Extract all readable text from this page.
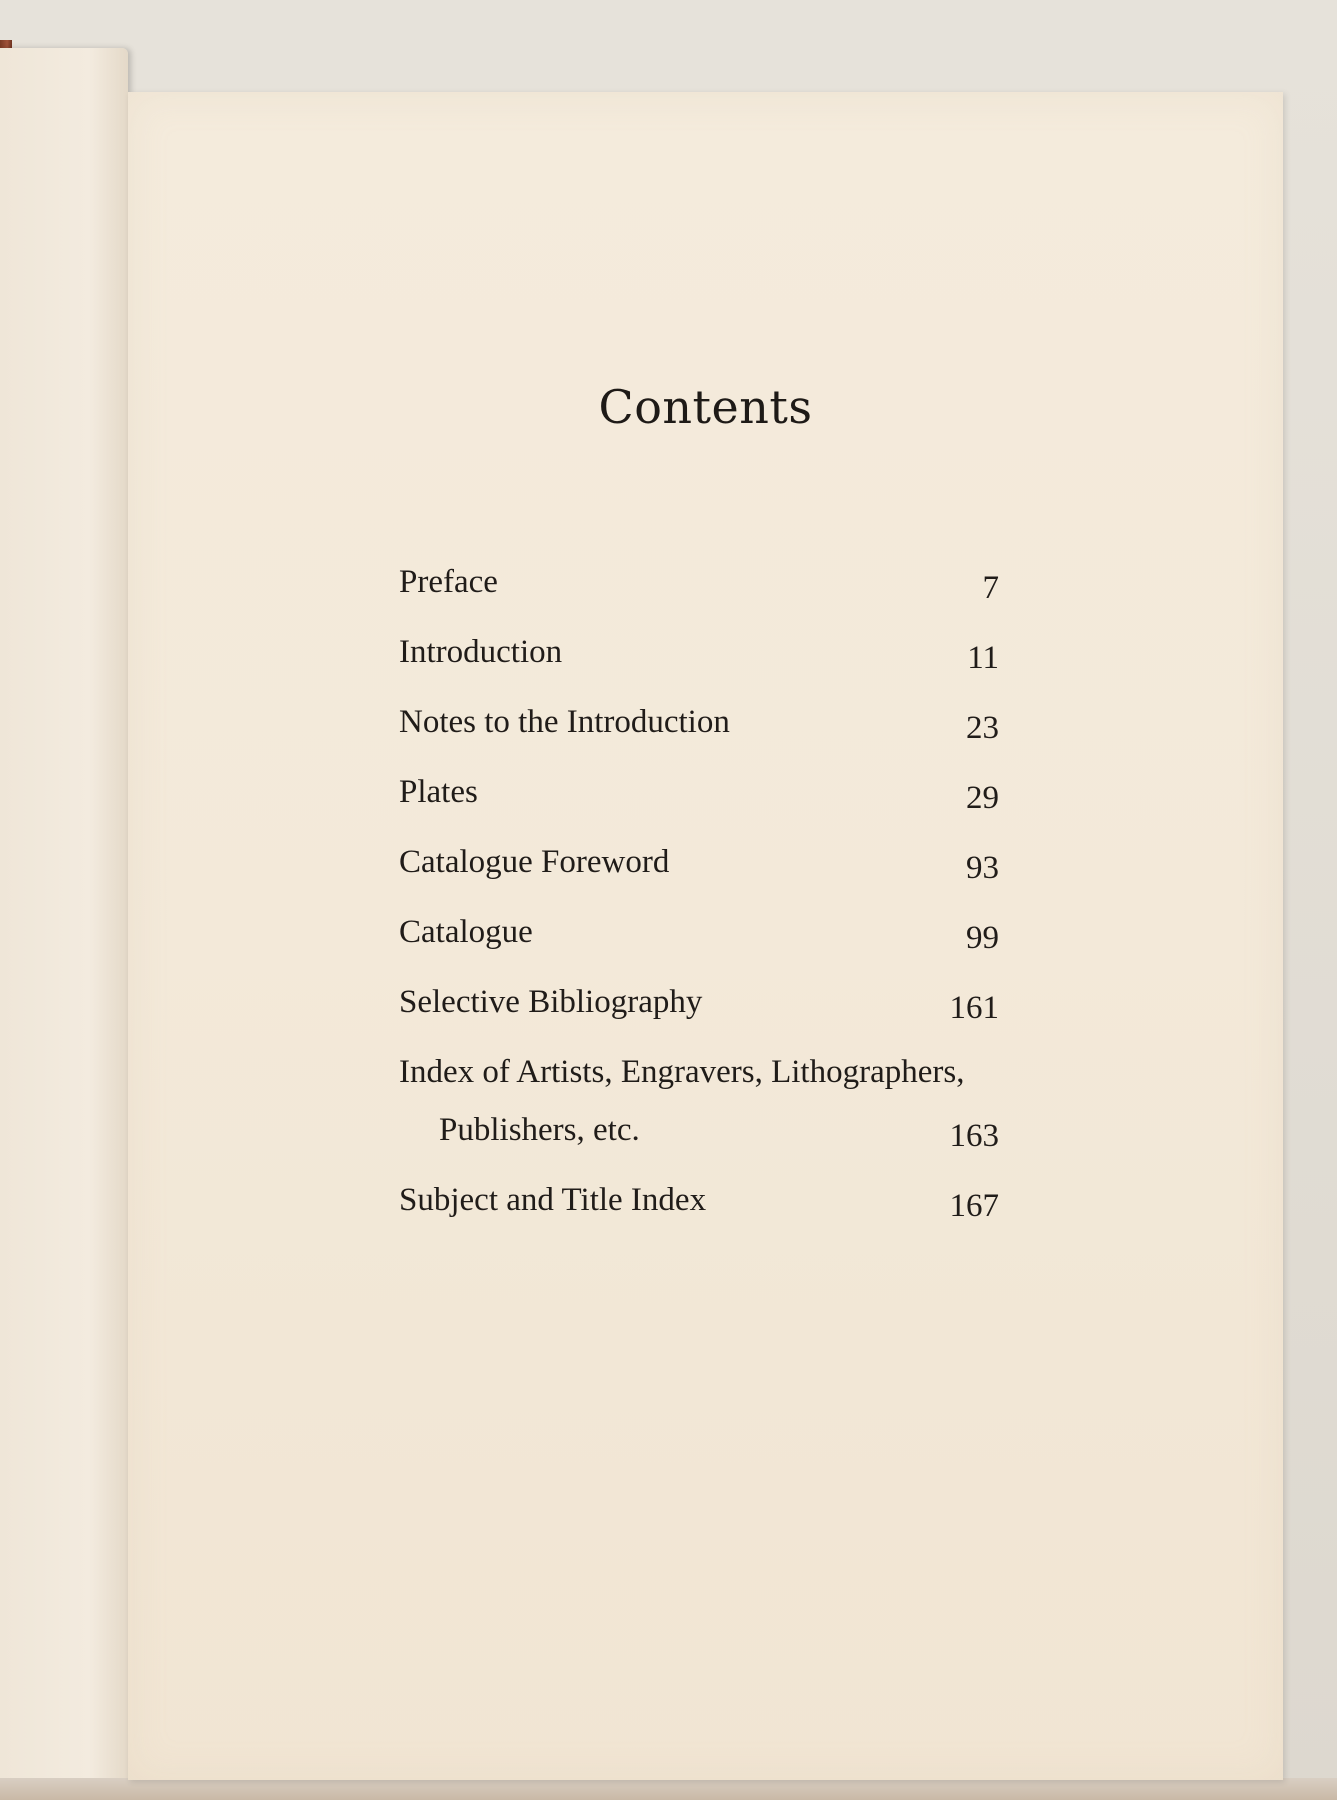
Contents
Preface	7
Introduction	11
Notes to the Introduction	23
Plates	29
Catalogue Foreword	93
Catalogue	99
Selective Bibliography	161
Index of Artists, Engravers, Lithographers,
Publishers, etc.	163
Subject and Title Index	167
